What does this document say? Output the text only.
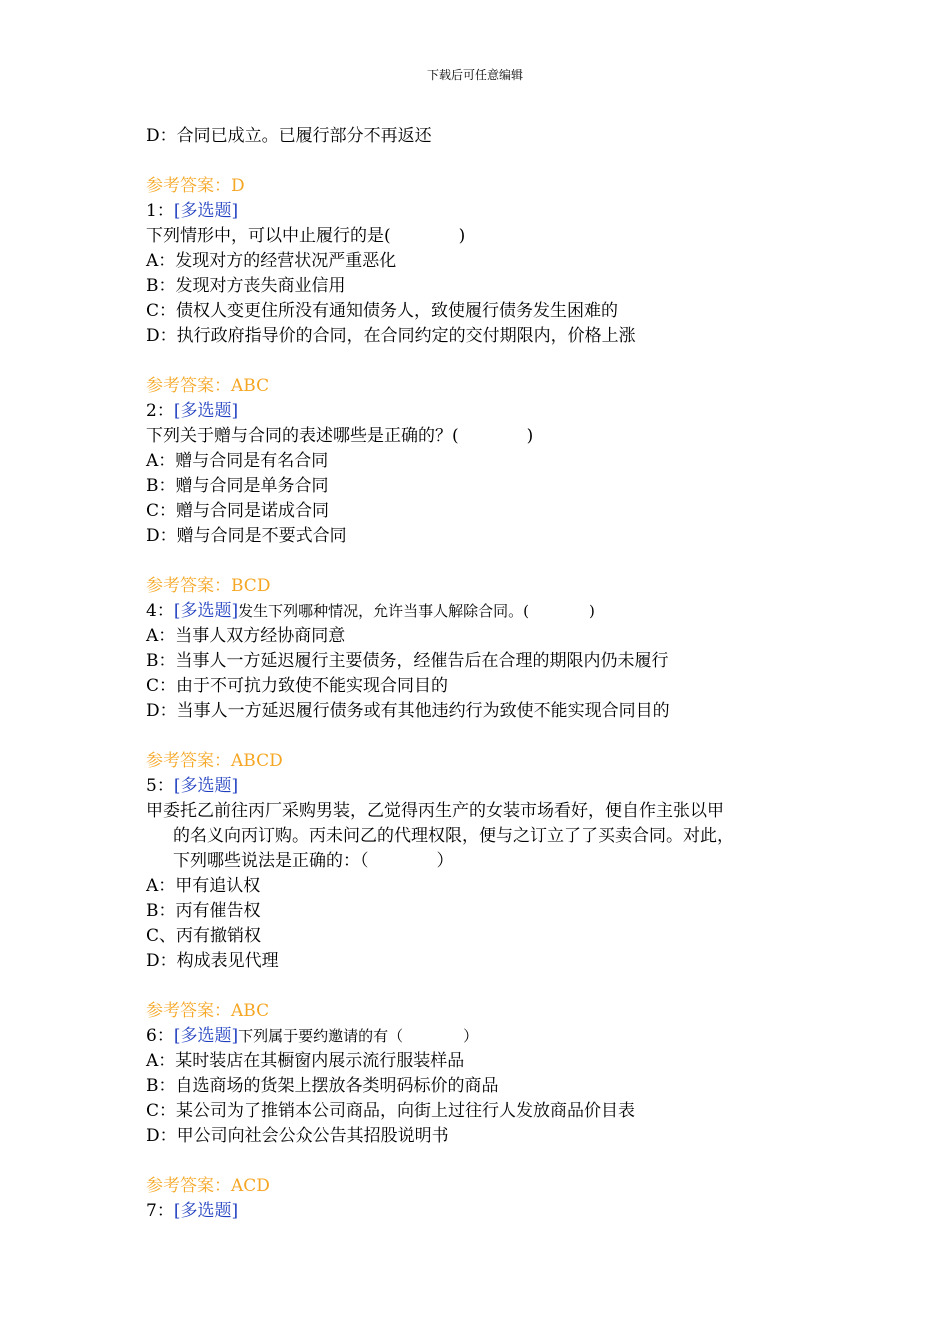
下载后可任意编辑
D：合同已成立。已履行部分不再返还
参考答案：D
1：[多选题]
下列情形中，可以中止履行的是(　　　　)
A：发现对方的经营状况严重恶化
B：发现对方丧失商业信用
C：债权人变更住所没有通知债务人，致使履行债务发生困难的
D：执行政府指导价的合同，在合同约定的交付期限内，价格上涨
参考答案：ABC
2：[多选题]
下列关于赠与合同的表述哪些是正确的？(　　　　)
A：赠与合同是有名合同
B：赠与合同是单务合同
C：赠与合同是诺成合同
D：赠与合同是不要式合同
参考答案：BCD
4：[多选题]发生下列哪种情况，允许当事人解除合同。(　　　　)
A：当事人双方经协商同意
B：当事人一方延迟履行主要债务，经催告后在合理的期限内仍未履行
C：由于不可抗力致使不能实现合同目的
D：当事人一方延迟履行债务或有其他违约行为致使不能实现合同目的
参考答案：ABCD
5：[多选题]
甲委托乙前往丙厂采购男装，乙觉得丙生产的女装市场看好，便自作主张以甲
的名义向丙订购。丙未问乙的代理权限，便与之订立了了买卖合同。对此，
下列哪些说法是正确的：（　　　　）
A：甲有追认权
B：丙有催告权
C、丙有撤销权
D：构成表见代理
参考答案：ABC
6：[多选题]下列属于要约邀请的有（　　　　）
A：某时装店在其橱窗内展示流行服装样品
B：自选商场的货架上摆放各类明码标价的商品
C：某公司为了推销本公司商品，向街上过往行人发放商品价目表
D：甲公司向社会公众公告其招股说明书
参考答案：ACD
7：[多选题]
